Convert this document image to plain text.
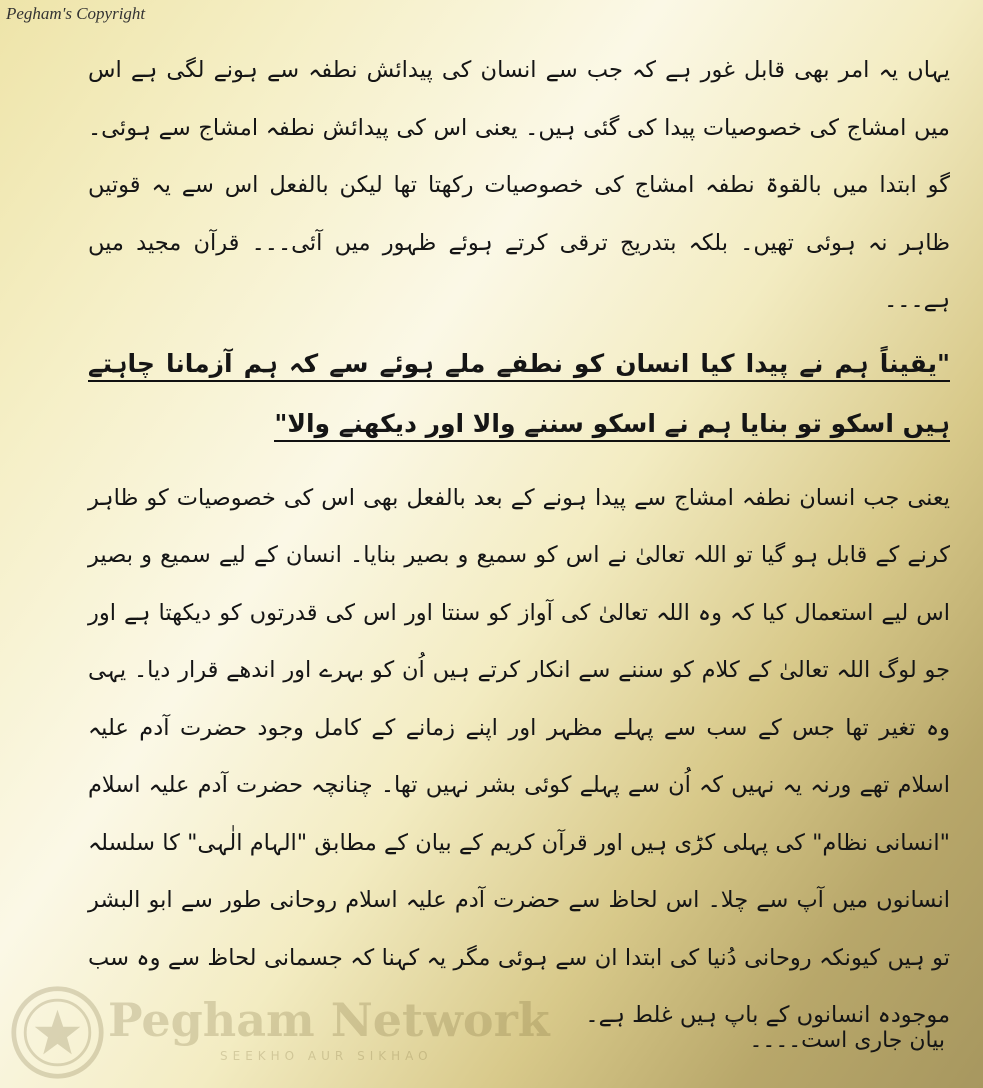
Pegham's Copyright
Pegham Network
SEEKHO AUR SIKHAO

یہاں یہ امر بھی قابل غور ہے کہ جب سے انسان کی پیدائش نطفہ سے ہونے لگی ہے اس میں امشاج کی خصوصیات پیدا کی گئی ہیں۔ یعنی اس کی پیدائش نطفہ امشاج سے ہوئی۔ گو ابتدا میں بالقوۃ نطفہ امشاج کی خصوصیات رکھتا تھا لیکن بالفعل اس سے یہ قوتیں ظاہر نہ ہوئی تھیں۔ بلکہ بتدریج ترقی کرتے ہوئے ظہور میں آئی۔۔۔ قرآن مجید میں ہے۔۔۔

"یقیناً ہم نے پیدا کیا انسان کو نطفے ملے ہوئے سے کہ ہم آزمانا چاہتے ہیں اسکو تو بنایا ہم نے اسکو سننے والا اور دیکھنے والا"

یعنی جب انسان نطفہ امشاج سے پیدا ہونے کے بعد بالفعل بھی اس کی خصوصیات کو ظاہر کرنے کے قابل ہو گیا تو اللہ تعالیٰ نے اس کو سمیع و بصیر بنایا۔ انسان کے لیے سمیع و بصیر اس لیے استعمال کیا کہ وہ اللہ تعالیٰ کی آواز کو سنتا اور اس کی قدرتوں کو دیکھتا ہے اور جو لوگ اللہ تعالیٰ کے کلام کو سننے سے انکار کرتے ہیں اُن کو بہرے اور اندھے قرار دیا۔ یہی وہ تغیر تھا جس کے سب سے پہلے مظہر اور اپنے زمانے کے کامل وجود حضرت آدم علیہ اسلام تھے ورنہ یہ نہیں کہ اُن سے پہلے کوئی بشر نہیں تھا۔ چنانچہ حضرت آدم علیہ اسلام "انسانی نظام" کی پہلی کڑی ہیں اور قرآن کریم کے بیان کے مطابق "الہام الٰہی" کا سلسلہ انسانوں میں آپ سے چلا۔ اس لحاظ سے حضرت آدم علیہ اسلام روحانی طور سے ابو البشر تو ہیں کیونکہ روحانی دُنیا کی ابتدا ان سے ہوئی مگر یہ کہنا کہ جسمانی لحاظ سے وہ سب موجودہ انسانوں کے باپ ہیں غلط ہے۔

بیان جاری است۔۔۔۔
